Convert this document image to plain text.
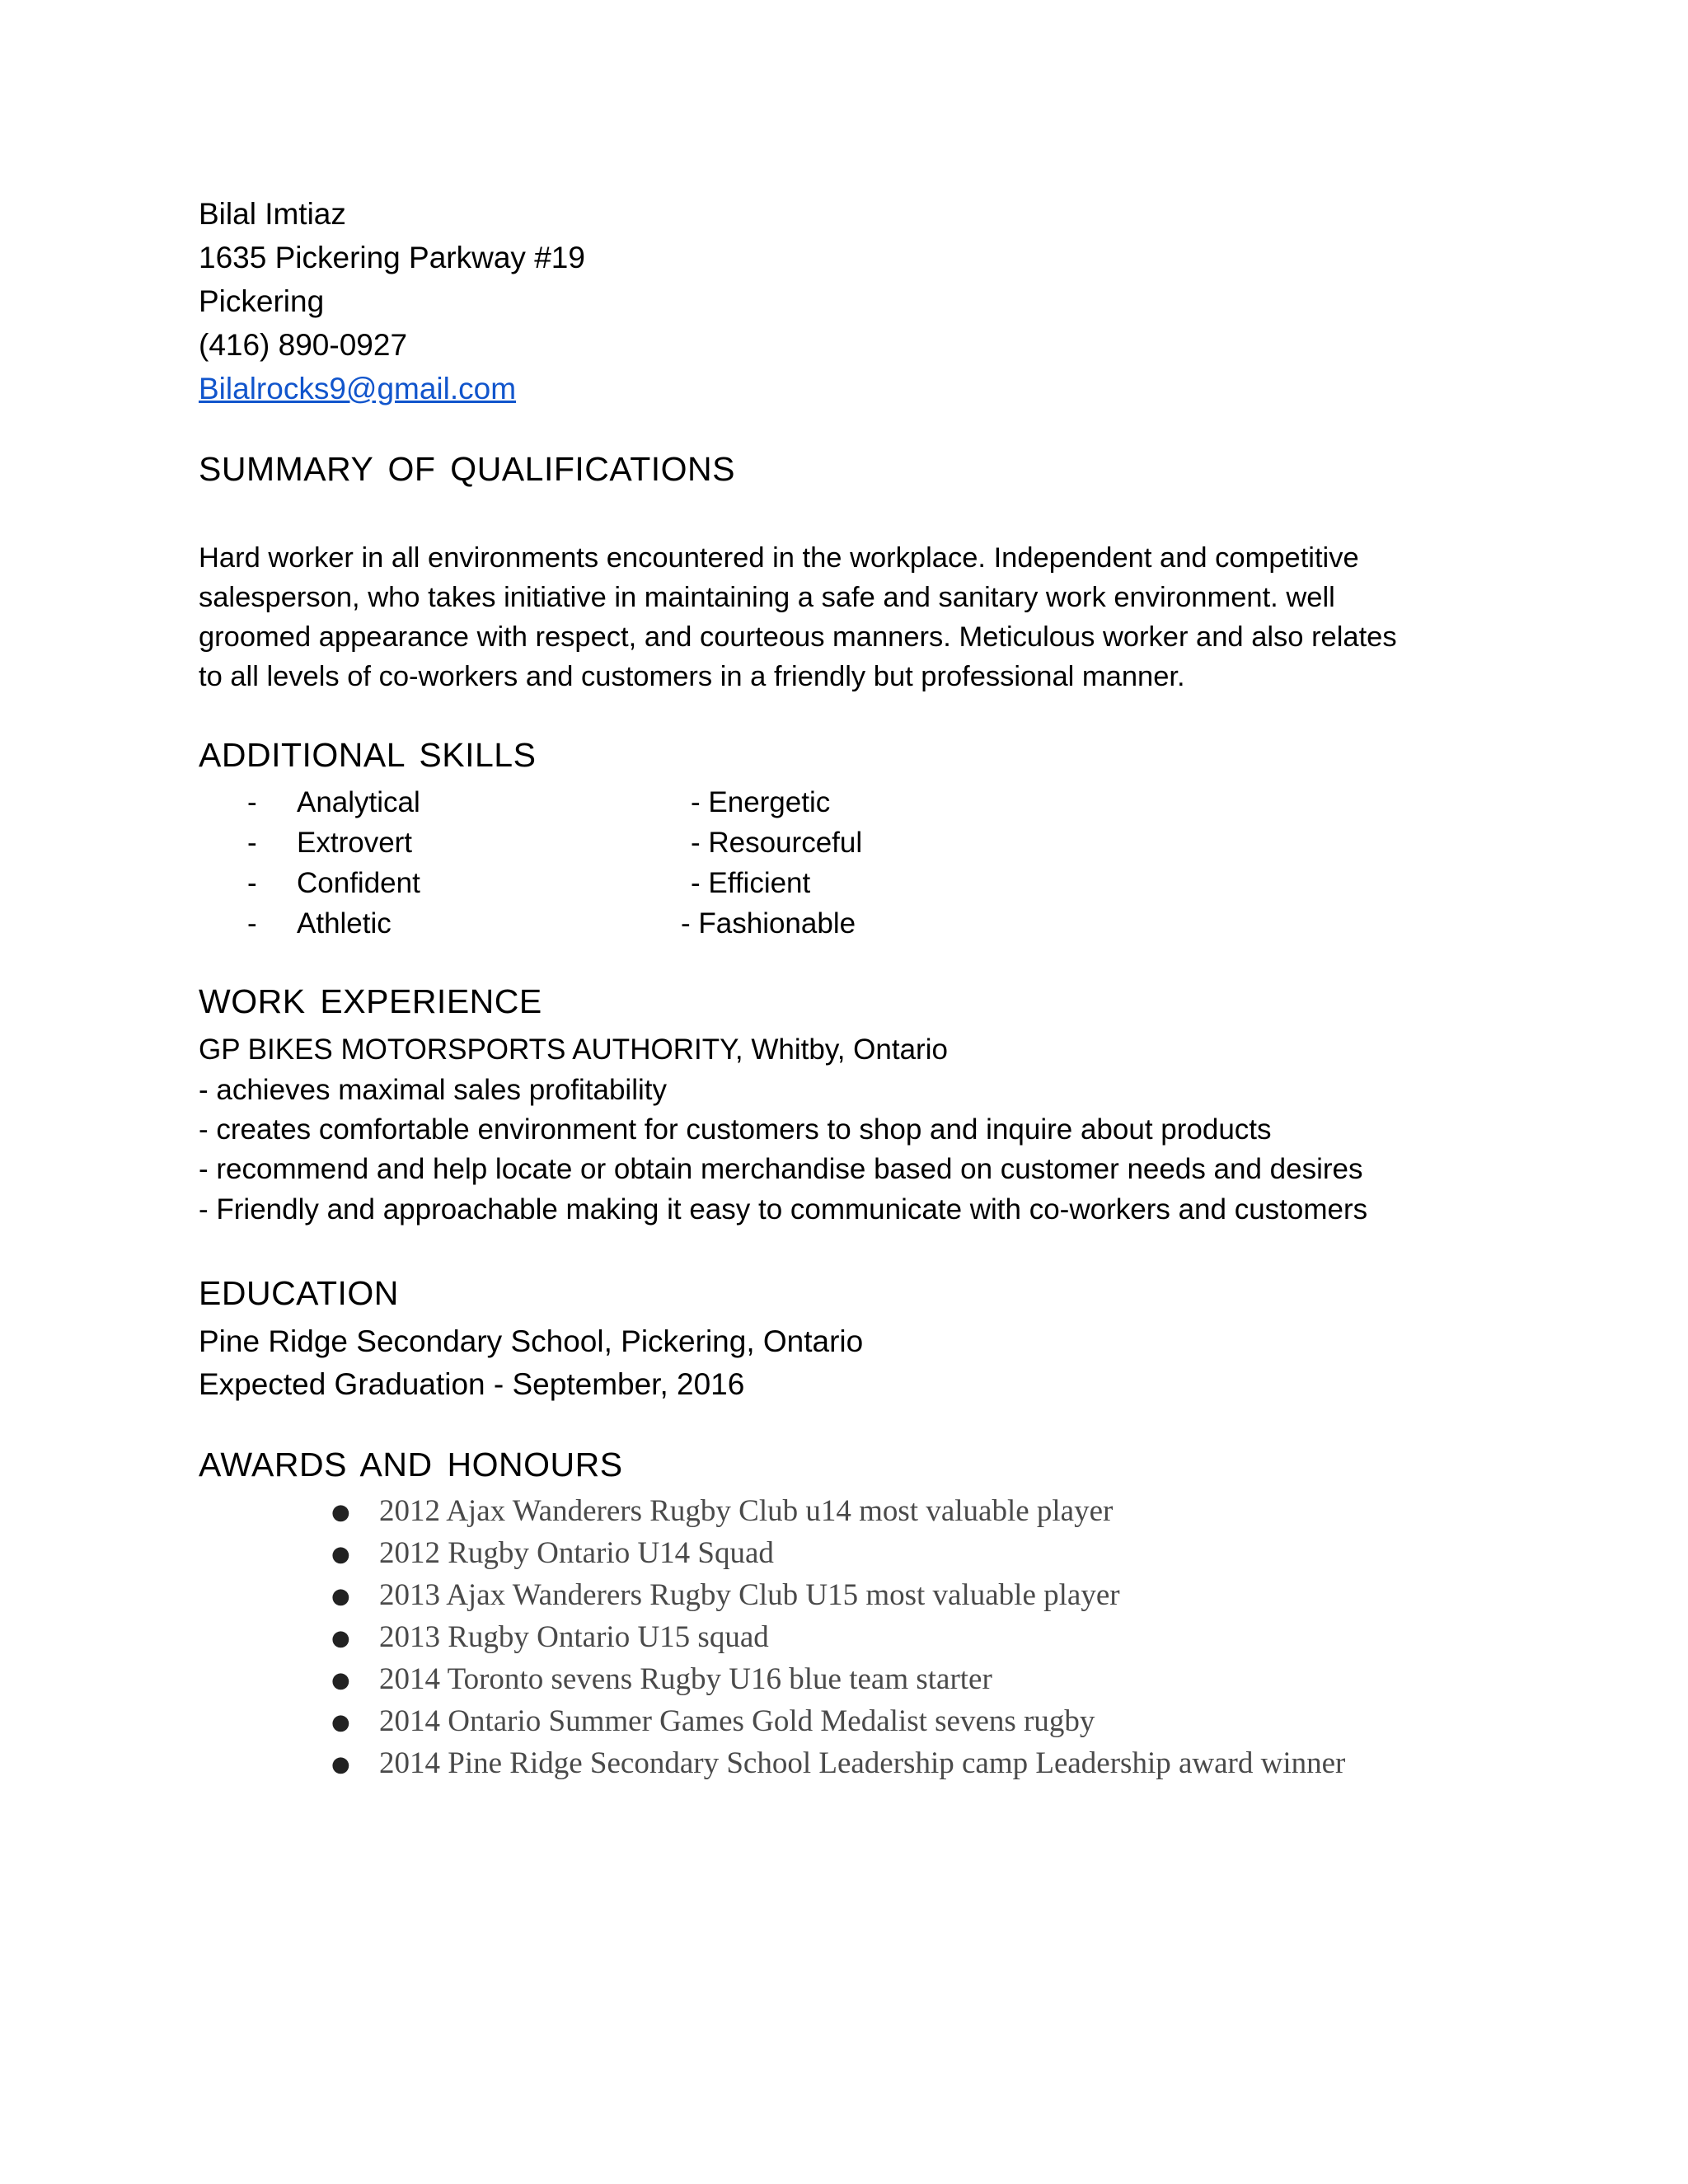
Bilal Imtiaz
1635 Pickering Parkway #19
Pickering
(416) 890-0927
Bilalrocks9@gmail.com
SUMMARY OF QUALIFICATIONS
Hard worker in all environments encountered in the workplace. Independent and competitive
salesperson, who takes initiative in maintaining a safe and sanitary work environment. well
groomed appearance with respect, and courteous manners. Meticulous worker and also relates
to all levels of co-workers and customers in a friendly but professional manner.
ADDITIONAL SKILLS
- Analytical	- Energetic
- Extrovert	- Resourceful
- Confident	- Efficient
- Athletic	- Fashionable
WORK EXPERIENCE
GP BIKES MOTORSPORTS AUTHORITY, Whitby, Ontario
- achieves maximal sales profitability
- creates comfortable environment for customers to shop and inquire about products
- recommend and help locate or obtain merchandise based on customer needs and desires
- Friendly and approachable making it easy to communicate with co-workers and customers
EDUCATION
Pine Ridge Secondary School, Pickering, Ontario
Expected Graduation - September, 2016
AWARDS AND HONOURS
● 2012 Ajax Wanderers Rugby Club u14 most valuable player
● 2012 Rugby Ontario U14 Squad
● 2013 Ajax Wanderers Rugby Club U15 most valuable player
● 2013 Rugby Ontario U15 squad
● 2014 Toronto sevens Rugby U16 blue team starter
● 2014 Ontario Summer Games Gold Medalist sevens rugby
● 2014 Pine Ridge Secondary School Leadership camp Leadership award winner
